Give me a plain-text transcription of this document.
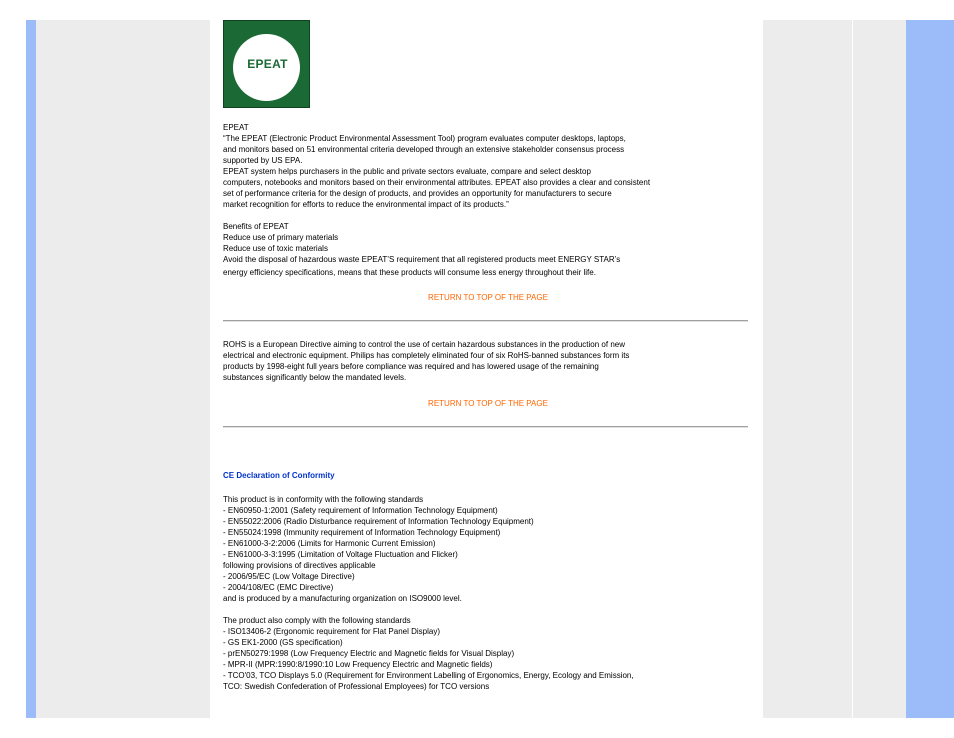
EPEAT
EPEAT
“The EPEAT (Electronic Product Environmental Assessment Tool) program evaluates computer desktops, laptops,
and monitors based on 51 environmental criteria developed through an extensive stakeholder consensus process
supported by US EPA.
EPEAT system helps purchasers in the public and private sectors evaluate, compare and select desktop
computers, notebooks and monitors based on their environmental attributes. EPEAT also provides a clear and consistent
set of performance criteria for the design of products, and provides an opportunity for manufacturers to secure
market recognition for efforts to reduce the environmental impact of its products.”
Benefits of EPEAT
Reduce use of primary materials
Reduce use of toxic materials
Avoid the disposal of hazardous waste EPEAT’S requirement that all registered products meet ENERGY STAR’s
energy efficiency specifications, means that these products will consume less energy throughout their life.
RETURN TO TOP OF THE PAGE
ROHS is a European Directive aiming to control the use of certain hazardous substances in the production of new
electrical and electronic equipment. Philips has completely eliminated four of six RoHS-banned substances form its
products by 1998-eight full years before compliance was required and has lowered usage of the remaining
substances significantly below the mandated levels.
RETURN TO TOP OF THE PAGE
CE Declaration of Conformity
This product is in conformity with the following standards
- EN60950-1:2001 (Safety requirement of Information Technology Equipment)
- EN55022:2006 (Radio Disturbance requirement of Information Technology Equipment)
- EN55024:1998 (Immunity requirement of Information Technology Equipment)
- EN61000-3-2:2006 (Limits for Harmonic Current Emission)
- EN61000-3-3:1995 (Limitation of Voltage Fluctuation and Flicker)
following provisions of directives applicable
- 2006/95/EC (Low Voltage Directive)
- 2004/108/EC (EMC Directive)
and is produced by a manufacturing organization on ISO9000 level.
The product also comply with the following standards
- ISO13406-2 (Ergonomic requirement for Flat Panel Display)
- GS EK1-2000 (GS specification)
- prEN50279:1998 (Low Frequency Electric and Magnetic fields for Visual Display)
- MPR-II (MPR:1990:8/1990:10 Low Frequency Electric and Magnetic fields)
- TCO'03, TCO Displays 5.0 (Requirement for Environment Labelling of Ergonomics, Energy, Ecology and Emission,
TCO: Swedish Confederation of Professional Employees) for TCO versions
